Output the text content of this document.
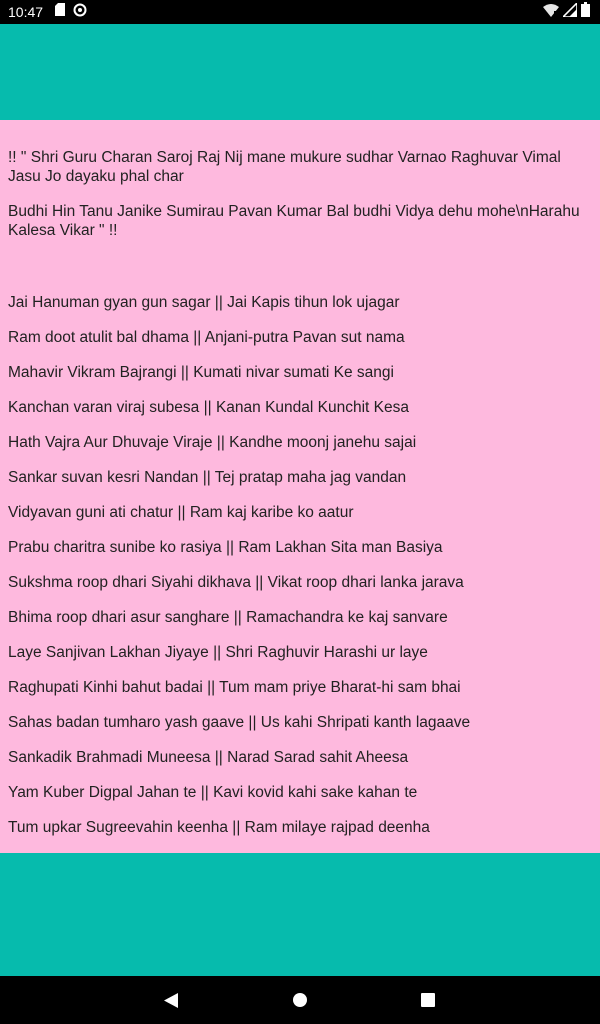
10:47

!! " Shri Guru Charan Saroj Raj Nij mane mukure sudhar Varnao Raghuvar Vimal Jasu Jo dayaku phal char

Budhi Hin Tanu Janike Sumirau Pavan Kumar Bal budhi Vidya dehu mohe\nHarahu Kalesa Vikar " !!

Jai Hanuman gyan gun sagar || Jai Kapis tihun lok ujagar

Ram doot atulit bal dhama || Anjani-putra Pavan sut nama

Mahavir Vikram Bajrangi || Kumati nivar sumati Ke sangi

Kanchan varan viraj subesa || Kanan Kundal Kunchit Kesa

Hath Vajra Aur Dhuvaje Viraje || Kandhe moonj janehu sajai

Sankar suvan kesri Nandan || Tej pratap maha jag vandan

Vidyavan guni ati chatur || Ram kaj karibe ko aatur

Prabu charitra sunibe ko rasiya || Ram Lakhan Sita man Basiya

Sukshma roop dhari Siyahi dikhava || Vikat roop dhari lanka jarava

Bhima roop dhari asur sanghare || Ramachandra ke kaj sanvare

Laye Sanjivan Lakhan Jiyaye || Shri Raghuvir Harashi ur laye

Raghupati Kinhi bahut badai || Tum mam priye Bharat-hi sam bhai

Sahas badan tumharo yash gaave || Us kahi Shripati kanth lagaave

Sankadik Brahmadi Muneesa || Narad Sarad sahit Aheesa

Yam Kuber Digpal Jahan te || Kavi kovid kahi sake kahan te

Tum upkar Sugreevahin keenha || Ram milaye rajpad deenha
